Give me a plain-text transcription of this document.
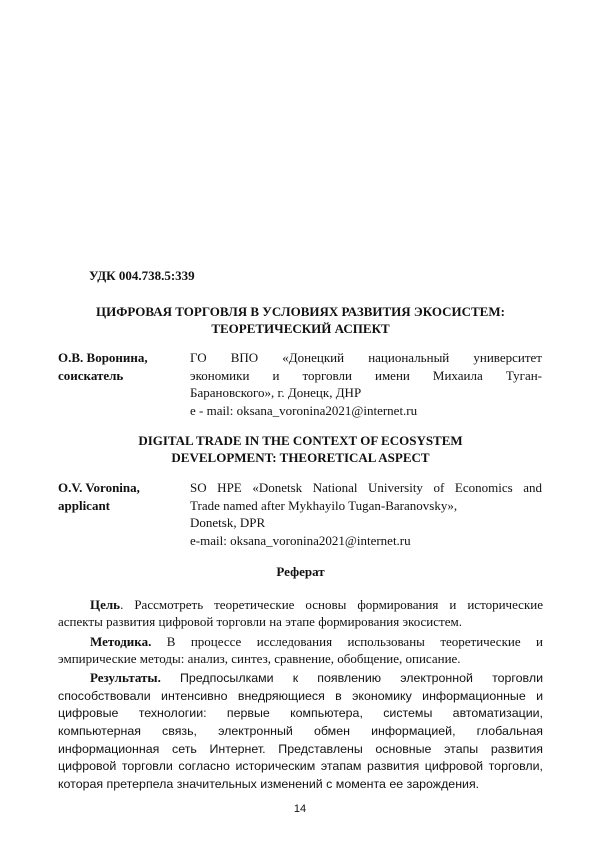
УДК 004.738.5:339
ЦИФРОВАЯ ТОРГОВЛЯ В УСЛОВИЯХ РАЗВИТИЯ ЭКОСИСТЕМ:
ТЕОРЕТИЧЕСКИЙ АСПЕКТ
О.В. Воронина,
соискатель
ГО ВПО «Донецкий национальный университет
экономики и торговли имени Михаила Туган-
Барановского», г. Донецк, ДНР
e - mail: oksana_voronina2021@internet.ru
DIGITAL TRADE IN THE CONTEXT OF ECOSYSTEM
DEVELOPMENT: THEORETICAL ASPECT
O.V. Voronina,
applicant
SO HPE «Donetsk National University of Economics and
Trade named after Mykhayilo Tugan-Baranovsky»,
Donetsk, DPR
e-mail: oksana_voronina2021@internet.ru
Реферат

Цель. Рассмотреть теоретические основы формирования и исторические аспекты развития цифровой торговли на этапе формирования экосистем.

Методика. В процессе исследования использованы теоретические и эмпирические методы: анализ, синтез, сравнение, обобщение, описание.

Результаты. Предпосылками к появлению электронной торговли способствовали интенсивно внедряющиеся в экономику информационные и цифровые технологии: первые компьютера, системы автоматизации, компьютерная связь, электронный обмен информацией, глобальная информационная сеть Интернет. Представлены основные этапы развития цифровой торговли согласно историческим этапам развития цифровой торговли, которая претерпела значительных изменений с момента ее зарождения.

14
